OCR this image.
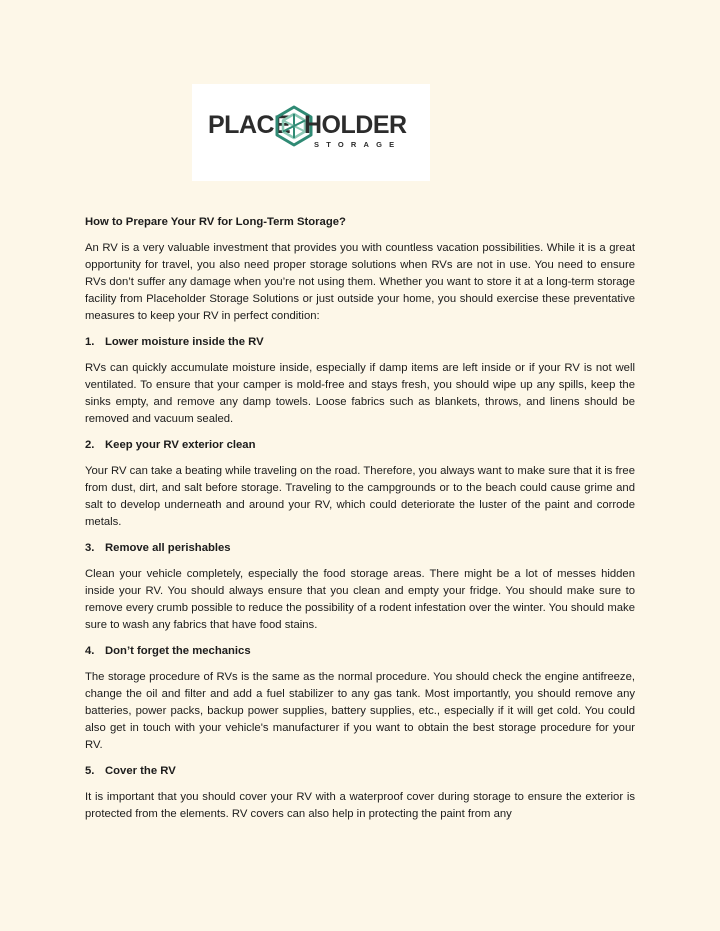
PLACE HOLDER
STORAGE
How to Prepare Your RV for Long-Term Storage?

An RV is a very valuable investment that provides you with countless vacation possibilities. While it is a great opportunity for travel, you also need proper storage solutions when RVs are not in use. You need to ensure RVs don’t suffer any damage when you’re not using them. Whether you want to store it at a long-term storage facility from Placeholder Storage Solutions or just outside your home, you should exercise these preventative measures to keep your RV in perfect condition:

1. Lower moisture inside the RV

RVs can quickly accumulate moisture inside, especially if damp items are left inside or if your RV is not well ventilated. To ensure that your camper is mold-free and stays fresh, you should wipe up any spills, keep the sinks empty, and remove any damp towels. Loose fabrics such as blankets, throws, and linens should be removed and vacuum sealed.

2. Keep your RV exterior clean

Your RV can take a beating while traveling on the road. Therefore, you always want to make sure that it is free from dust, dirt, and salt before storage. Traveling to the campgrounds or to the beach could cause grime and salt to develop underneath and around your RV, which could deteriorate the luster of the paint and corrode metals.

3. Remove all perishables

Clean your vehicle completely, especially the food storage areas. There might be a lot of messes hidden inside your RV. You should always ensure that you clean and empty your fridge. You should make sure to remove every crumb possible to reduce the possibility of a rodent infestation over the winter. You should make sure to wash any fabrics that have food stains.

4. Don’t forget the mechanics

The storage procedure of RVs is the same as the normal procedure. You should check the engine antifreeze, change the oil and filter and add a fuel stabilizer to any gas tank. Most importantly, you should remove any batteries, power packs, backup power supplies, battery supplies, etc., especially if it will get cold. You could also get in touch with your vehicle's manufacturer if you want to obtain the best storage procedure for your RV.

5. Cover the RV

It is important that you should cover your RV with a waterproof cover during storage to ensure the exterior is protected from the elements. RV covers can also help in protecting the paint from any
